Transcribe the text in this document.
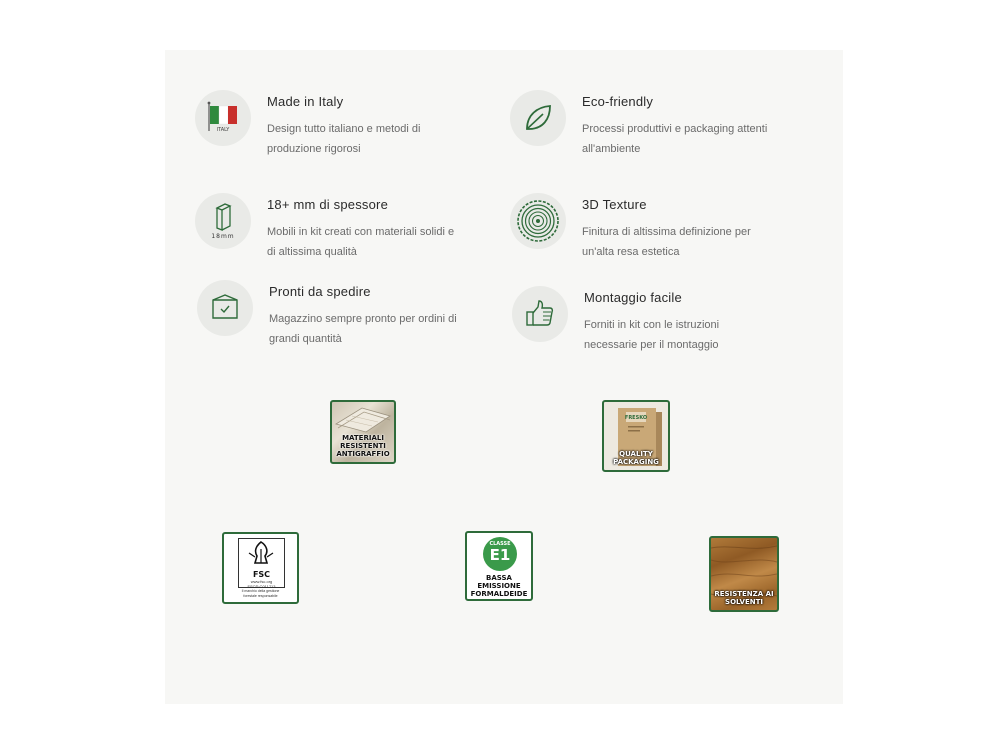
ITALY
Made in Italy
Design tutto italiano e metodi di produzione rigorosi
Eco-friendly
Processi produttivi e packaging attenti all'ambiente
18mm
18+ mm di spessore
Mobili in kit creati con materiali solidi e di altissima qualità
3D Texture
Finitura di altissima definizione per un'alta resa estetica
Pronti da spedire
Magazzino sempre pronto per ordini di grandi quantità
Montaggio facile
Forniti in kit con le istruzioni necessarie per il montaggio
MATERIALI RESISTENTI ANTIGRAFFIO
FRESKO
QUALITY PACKAGING
FSC
www.fsc.org
FSC® C011713
Il marchio della gestione forestale responsabile
CLASSE
E1
BASSA EMISSIONE FORMALDEIDE	RESISTENZA AI SOLVENTI
